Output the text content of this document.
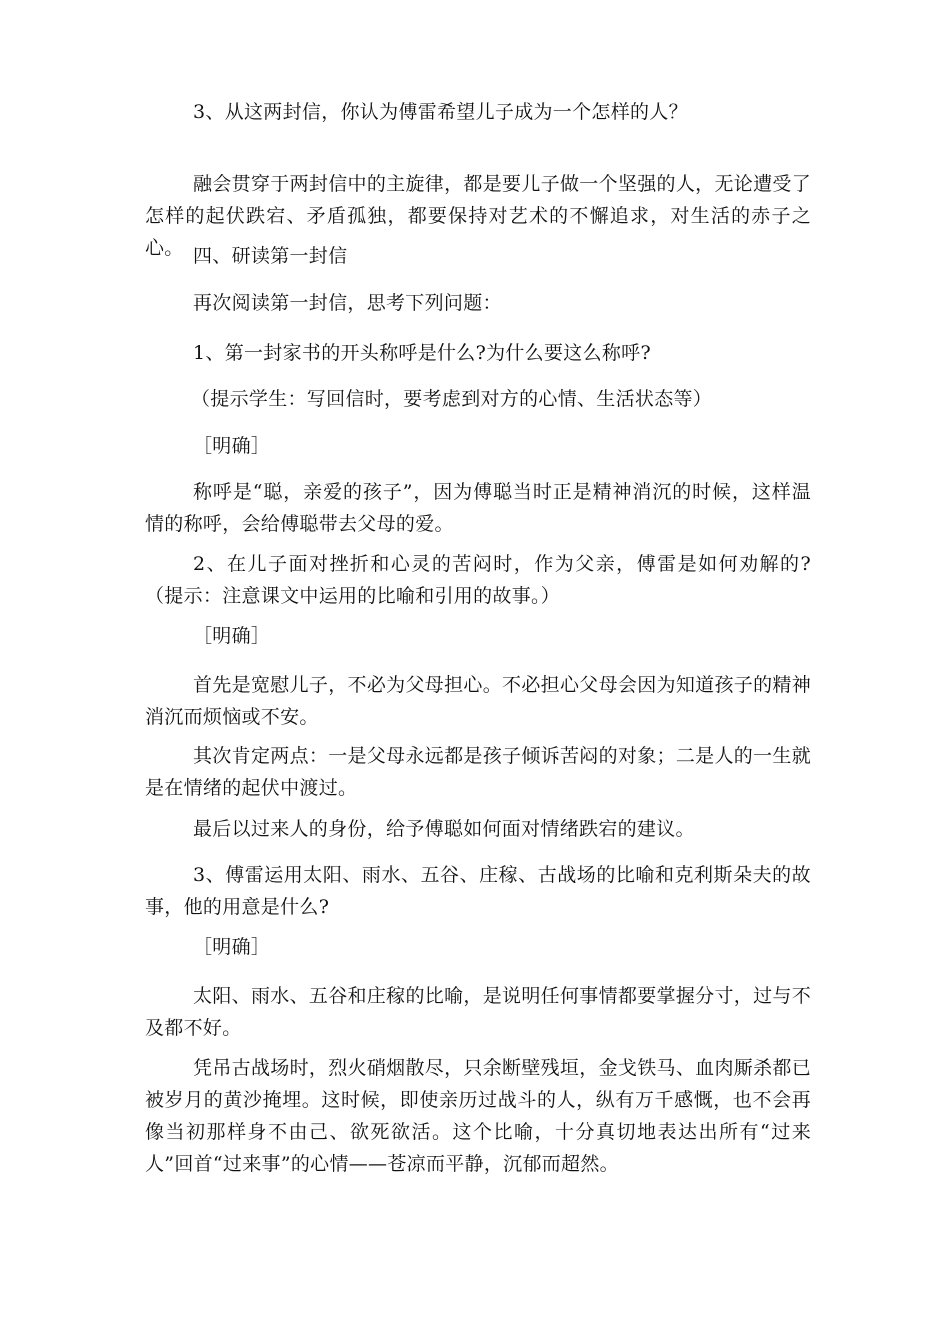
3、从这两封信，你认为傅雷希望儿子成为一个怎样的人？

融会贯穿于两封信中的主旋律，都是要儿子做一个坚强的人，无论遭受了怎样的起伏跌宕、矛盾孤独，都要保持对艺术的不懈追求，对生活的赤子之心。 四、研读第一封信

再次阅读第一封信，思考下列问题：

1、第一封家书的开头称呼是什么?为什么要这么称呼?

（提示学生：写回信时，要考虑到对方的心情、生活状态等）

［明确］

称呼是“聪，亲爱的孩子”，因为傅聪当时正是精神消沉的时候，这样温情的称呼，会给傅聪带去父母的爱。

2、在儿子面对挫折和心灵的苦闷时，作为父亲，傅雷是如何劝解的?（提示：注意课文中运用的比喻和引用的故事。）

［明确］

首先是宽慰儿子，不必为父母担心。不必担心父母会因为知道孩子的精神消沉而烦恼或不安。

其次肯定两点：一是父母永远都是孩子倾诉苦闷的对象；二是人的一生就是在情绪的起伏中渡过。

最后以过来人的身份，给予傅聪如何面对情绪跌宕的建议。

3、傅雷运用太阳、雨水、五谷、庄稼、古战场的比喻和克利斯朵夫的故事，他的用意是什么?

［明确］

太阳、雨水、五谷和庄稼的比喻，是说明任何事情都要掌握分寸，过与不及都不好。

凭吊古战场时，烈火硝烟散尽，只余断壁残垣，金戈铁马、血肉厮杀都已被岁月的黄沙掩埋。这时候，即使亲历过战斗的人，纵有万千感慨，也不会再像当初那样身不由己、欲死欲活。这个比喻，十分真切地表达出所有“过来人”回首“过来事”的心情——苍凉而平静，沉郁而超然。
